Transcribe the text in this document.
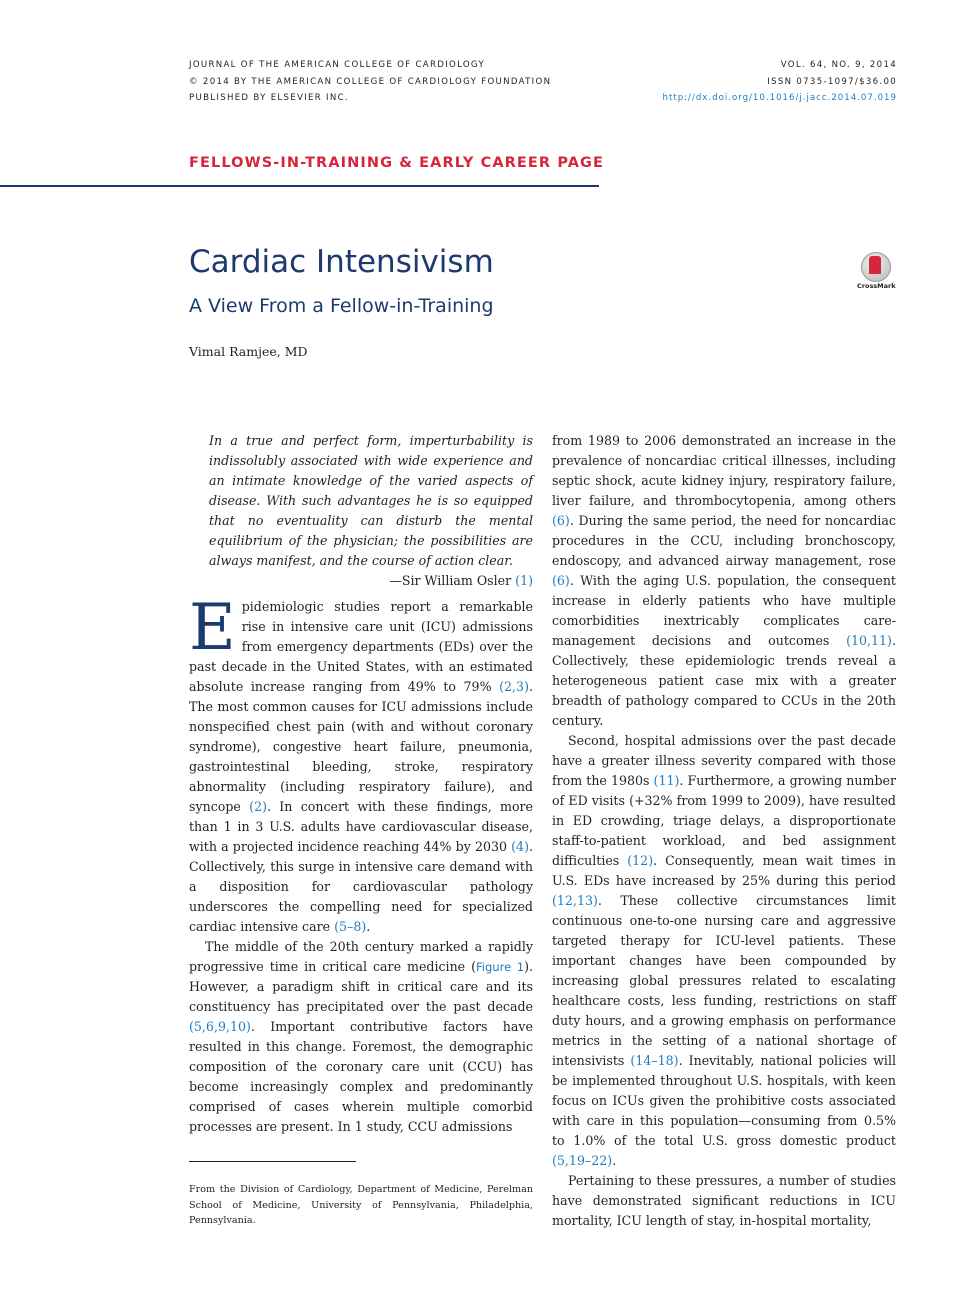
JOURNAL OF THE AMERICAN COLLEGE OF CARDIOLOGY
© 2014 BY THE AMERICAN COLLEGE OF CARDIOLOGY FOUNDATION
PUBLISHED BY ELSEVIER INC.
VOL. 64, NO. 9, 2014
ISSN 0735-1097/$36.00
http://dx.doi.org/10.1016/j.jacc.2014.07.019
FELLOWS-IN-TRAINING & EARLY CAREER PAGE
Cardiac Intensivism
A View From a Fellow-in-Training
Vimal Ramjee, MD
CrossMark
In a true and perfect form, imperturbability is indissolubly associated with wide experience and an intimate knowledge of the varied aspects of disease. With such advantages he is so equipped that no eventuality can disturb the mental equilibrium of the physician; the possibilities are always manifest, and the course of action clear.
—Sir William Osler (1)

Epidemiologic studies report a remarkable rise in intensive care unit (ICU) admissions from emergency departments (EDs) over the past decade in the United States, with an estimated absolute increase ranging from 49% to 79% (2,3). The most common causes for ICU admissions include nonspecified chest pain (with and without coronary syndrome), congestive heart failure, pneumonia, gastrointestinal bleeding, stroke, respiratory abnormality (including respiratory failure), and syncope (2). In concert with these findings, more than 1 in 3 U.S. adults have cardiovascular disease, with a projected incidence reaching 44% by 2030 (4). Collectively, this surge in intensive care demand with a disposition for cardiovascular pathology underscores the compelling need for specialized cardiac intensive care (5–8).

The middle of the 20th century marked a rapidly progressive time in critical care medicine (Figure 1). However, a paradigm shift in critical care and its constituency has precipitated over the past decade (5,6,9,10). Important contributive factors have resulted in this change. Foremost, the demographic composition of the coronary care unit (CCU) has become increasingly complex and predominantly comprised of cases wherein multiple comorbid processes are present. In 1 study, CCU admissions

From the Division of Cardiology, Department of Medicine, Perelman School of Medicine, University of Pennsylvania, Philadelphia, Pennsylvania.

from 1989 to 2006 demonstrated an increase in the prevalence of noncardiac critical illnesses, including septic shock, acute kidney injury, respiratory failure, liver failure, and thrombocytopenia, among others (6). During the same period, the need for noncardiac procedures in the CCU, including bronchoscopy, endoscopy, and advanced airway management, rose (6). With the aging U.S. population, the consequent increase in elderly patients who have multiple comorbidities inextricably complicates care-management decisions and outcomes (10,11). Collectively, these epidemiologic trends reveal a heterogeneous patient case mix with a greater breadth of pathology compared to CCUs in the 20th century.

Second, hospital admissions over the past decade have a greater illness severity compared with those from the 1980s (11). Furthermore, a growing number of ED visits (+32% from 1999 to 2009), have resulted in ED crowding, triage delays, a disproportionate staff-to-patient workload, and bed assignment difficulties (12). Consequently, mean wait times in U.S. EDs have increased by 25% during this period (12,13). These collective circumstances limit continuous one-to-one nursing care and aggressive targeted therapy for ICU-level patients. These important changes have been compounded by increasing global pressures related to escalating healthcare costs, less funding, restrictions on staff duty hours, and a growing emphasis on performance metrics in the setting of a national shortage of intensivists (14–18). Inevitably, national policies will be implemented throughout U.S. hospitals, with keen focus on ICUs given the prohibitive costs associated with care in this population—consuming from 0.5% to 1.0% of the total U.S. gross domestic product (5,19–22).

Pertaining to these pressures, a number of studies have demonstrated significant reductions in ICU mortality, ICU length of stay, in-hospital mortality,
